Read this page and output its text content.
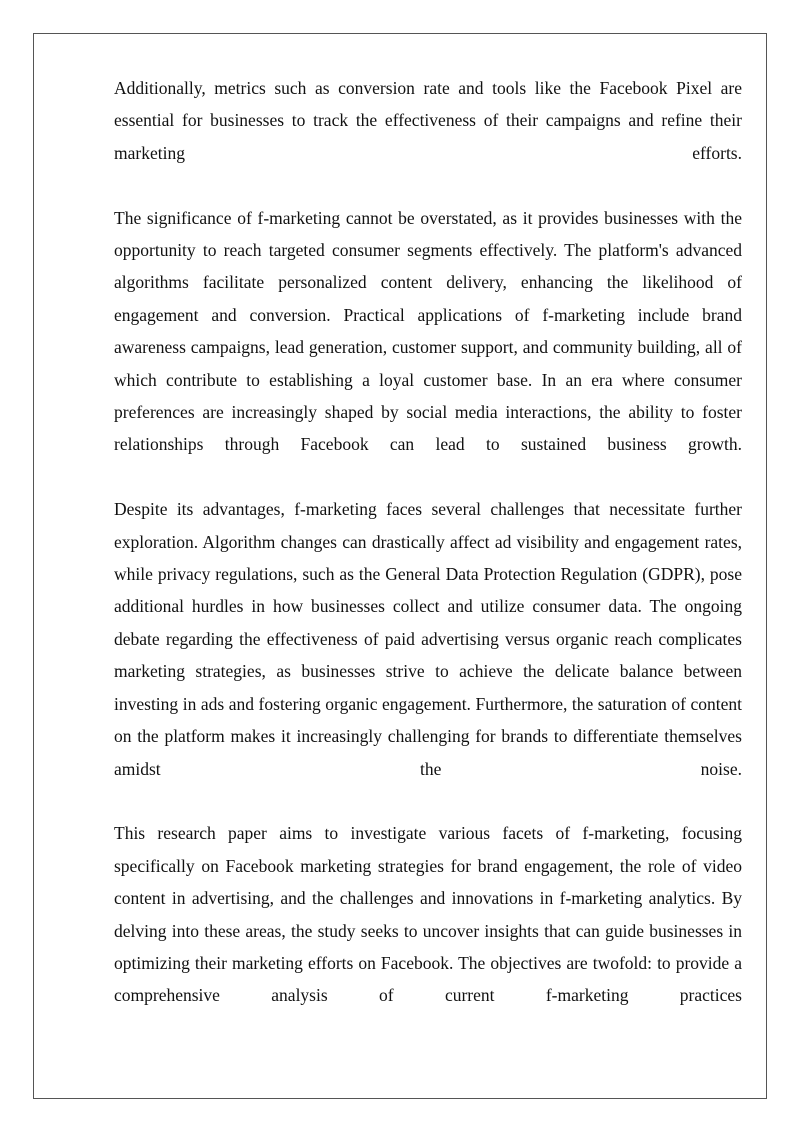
Additionally, metrics such as conversion rate and tools like the Facebook Pixel are essential for businesses to track the effectiveness of their campaigns and refine their marketing efforts.

The significance of f-marketing cannot be overstated, as it provides businesses with the opportunity to reach targeted consumer segments effectively. The platform's advanced algorithms facilitate personalized content delivery, enhancing the likelihood of engagement and conversion. Practical applications of f-marketing include brand awareness campaigns, lead generation, customer support, and community building, all of which contribute to establishing a loyal customer base. In an era where consumer preferences are increasingly shaped by social media interactions, the ability to foster relationships through Facebook can lead to sustained business growth.

Despite its advantages, f-marketing faces several challenges that necessitate further exploration. Algorithm changes can drastically affect ad visibility and engagement rates, while privacy regulations, such as the General Data Protection Regulation (GDPR), pose additional hurdles in how businesses collect and utilize consumer data. The ongoing debate regarding the effectiveness of paid advertising versus organic reach complicates marketing strategies, as businesses strive to achieve the delicate balance between investing in ads and fostering organic engagement. Furthermore, the saturation of content on the platform makes it increasingly challenging for brands to differentiate themselves amidst the noise.

This research paper aims to investigate various facets of f-marketing, focusing specifically on Facebook marketing strategies for brand engagement, the role of video content in advertising, and the challenges and innovations in f-marketing analytics. By delving into these areas, the study seeks to uncover insights that can guide businesses in optimizing their marketing efforts on Facebook. The objectives are twofold: to provide a comprehensive analysis of current f-marketing practices
